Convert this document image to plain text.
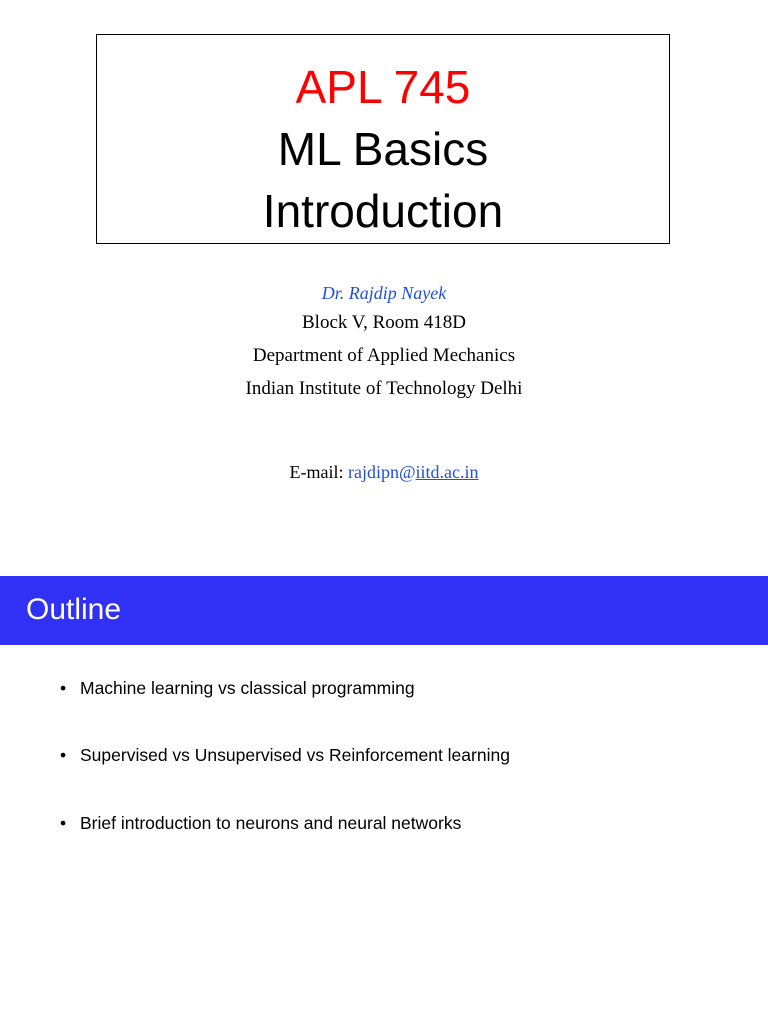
APL 745
ML Basics
Introduction
Dr. Rajdip Nayek
Block V, Room 418D
Department of Applied Mechanics
Indian Institute of Technology Delhi
E-mail: rajdipn@iitd.ac.in
Outline
• Machine learning vs classical programming
• Supervised vs Unsupervised vs Reinforcement learning
• Brief introduction to neurons and neural networks
